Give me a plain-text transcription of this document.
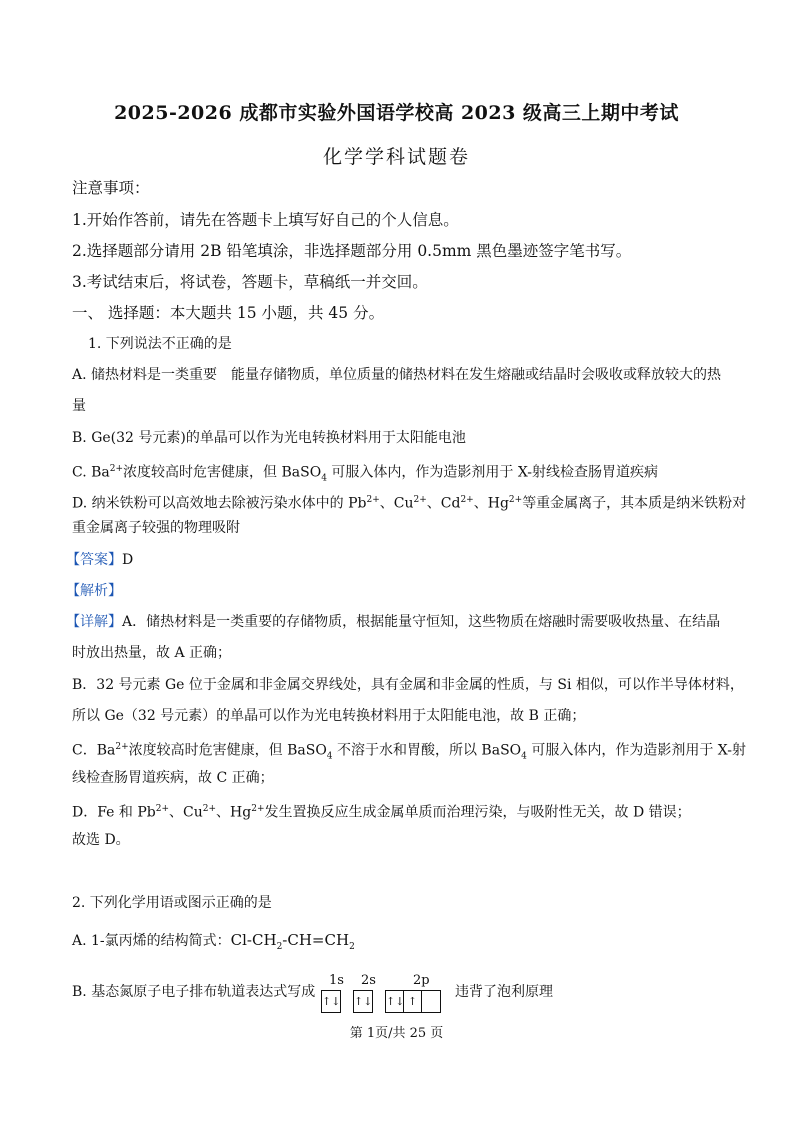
2025-2026 成都市实验外国语学校高 2023 级高三上期中考试
化学学科试题卷
注意事项：
1.开始作答前，请先在答题卡上填写好自己的个人信息。
2.选择题部分请用 2B 铅笔填涂，非选择题部分用 0.5mm 黑色墨迹签字笔书写。
3.考试结束后，将试卷，答题卡，草稿纸一并交回。
一、 选择题：本大题共 15 小题，共 45 分。
1. 下列说法不正确的是
A. 储热材料是一类重要　能量存储物质，单位质量的储热材料在发生熔融或结晶时会吸收或释放较大的热
量
B. Ge(32 号元素)的单晶可以作为光电转换材料用于太阳能电池
C. $Ba^{2+}$浓度较高时危害健康，但 BaSO$_4$ 可服入体内，作为造影剂用于 X-射线检查肠胃道疾病
D. 纳米铁粉可以高效地去除被污染水体中的 $Pb^{2+}$、$Cu^{2+}$、$Cd^{2+}$、$Hg^{2+}$等重金属离子，其本质是纳米铁粉对
重金属离子较强的物理吸附
【答案】D
【解析】
【详解】A．储热材料是一类重要的存储物质，根据能量守恒知，这些物质在熔融时需要吸收热量、在结晶
时放出热量，故 A 正确；
B．32 号元素 Ge 位于金属和非金属交界线处，具有金属和非金属的性质，与 Si 相似，可以作半导体材料，
所以 Ge（32 号元素）的单晶可以作为光电转换材料用于太阳能电池，故 B 正确；
C．$Ba^{2+}$浓度较高时危害健康，但 BaSO$_4$ 不溶于水和胃酸，所以 BaSO$_4$ 可服入体内，作为造影剂用于 X-射
线检查肠胃道疾病，故 C 正确；
D．Fe 和 $Pb^{2+}$、$Cu^{2+}$、$Hg^{2+}$发生置换反应生成金属单质而治理污染，与吸附性无关，故 D 错误；
故选 D。
2. 下列化学用语或图示正确的是
A. 1-氯丙烯的结构简式：$Cl-CH_2-CH=CH_2$
B. 基态氮原子电子排布轨道表达式写成	违背了泡利原理
1s
↑↓
2s
↑↓
2p
↑↓ ↑
第 1页/共 25 页
